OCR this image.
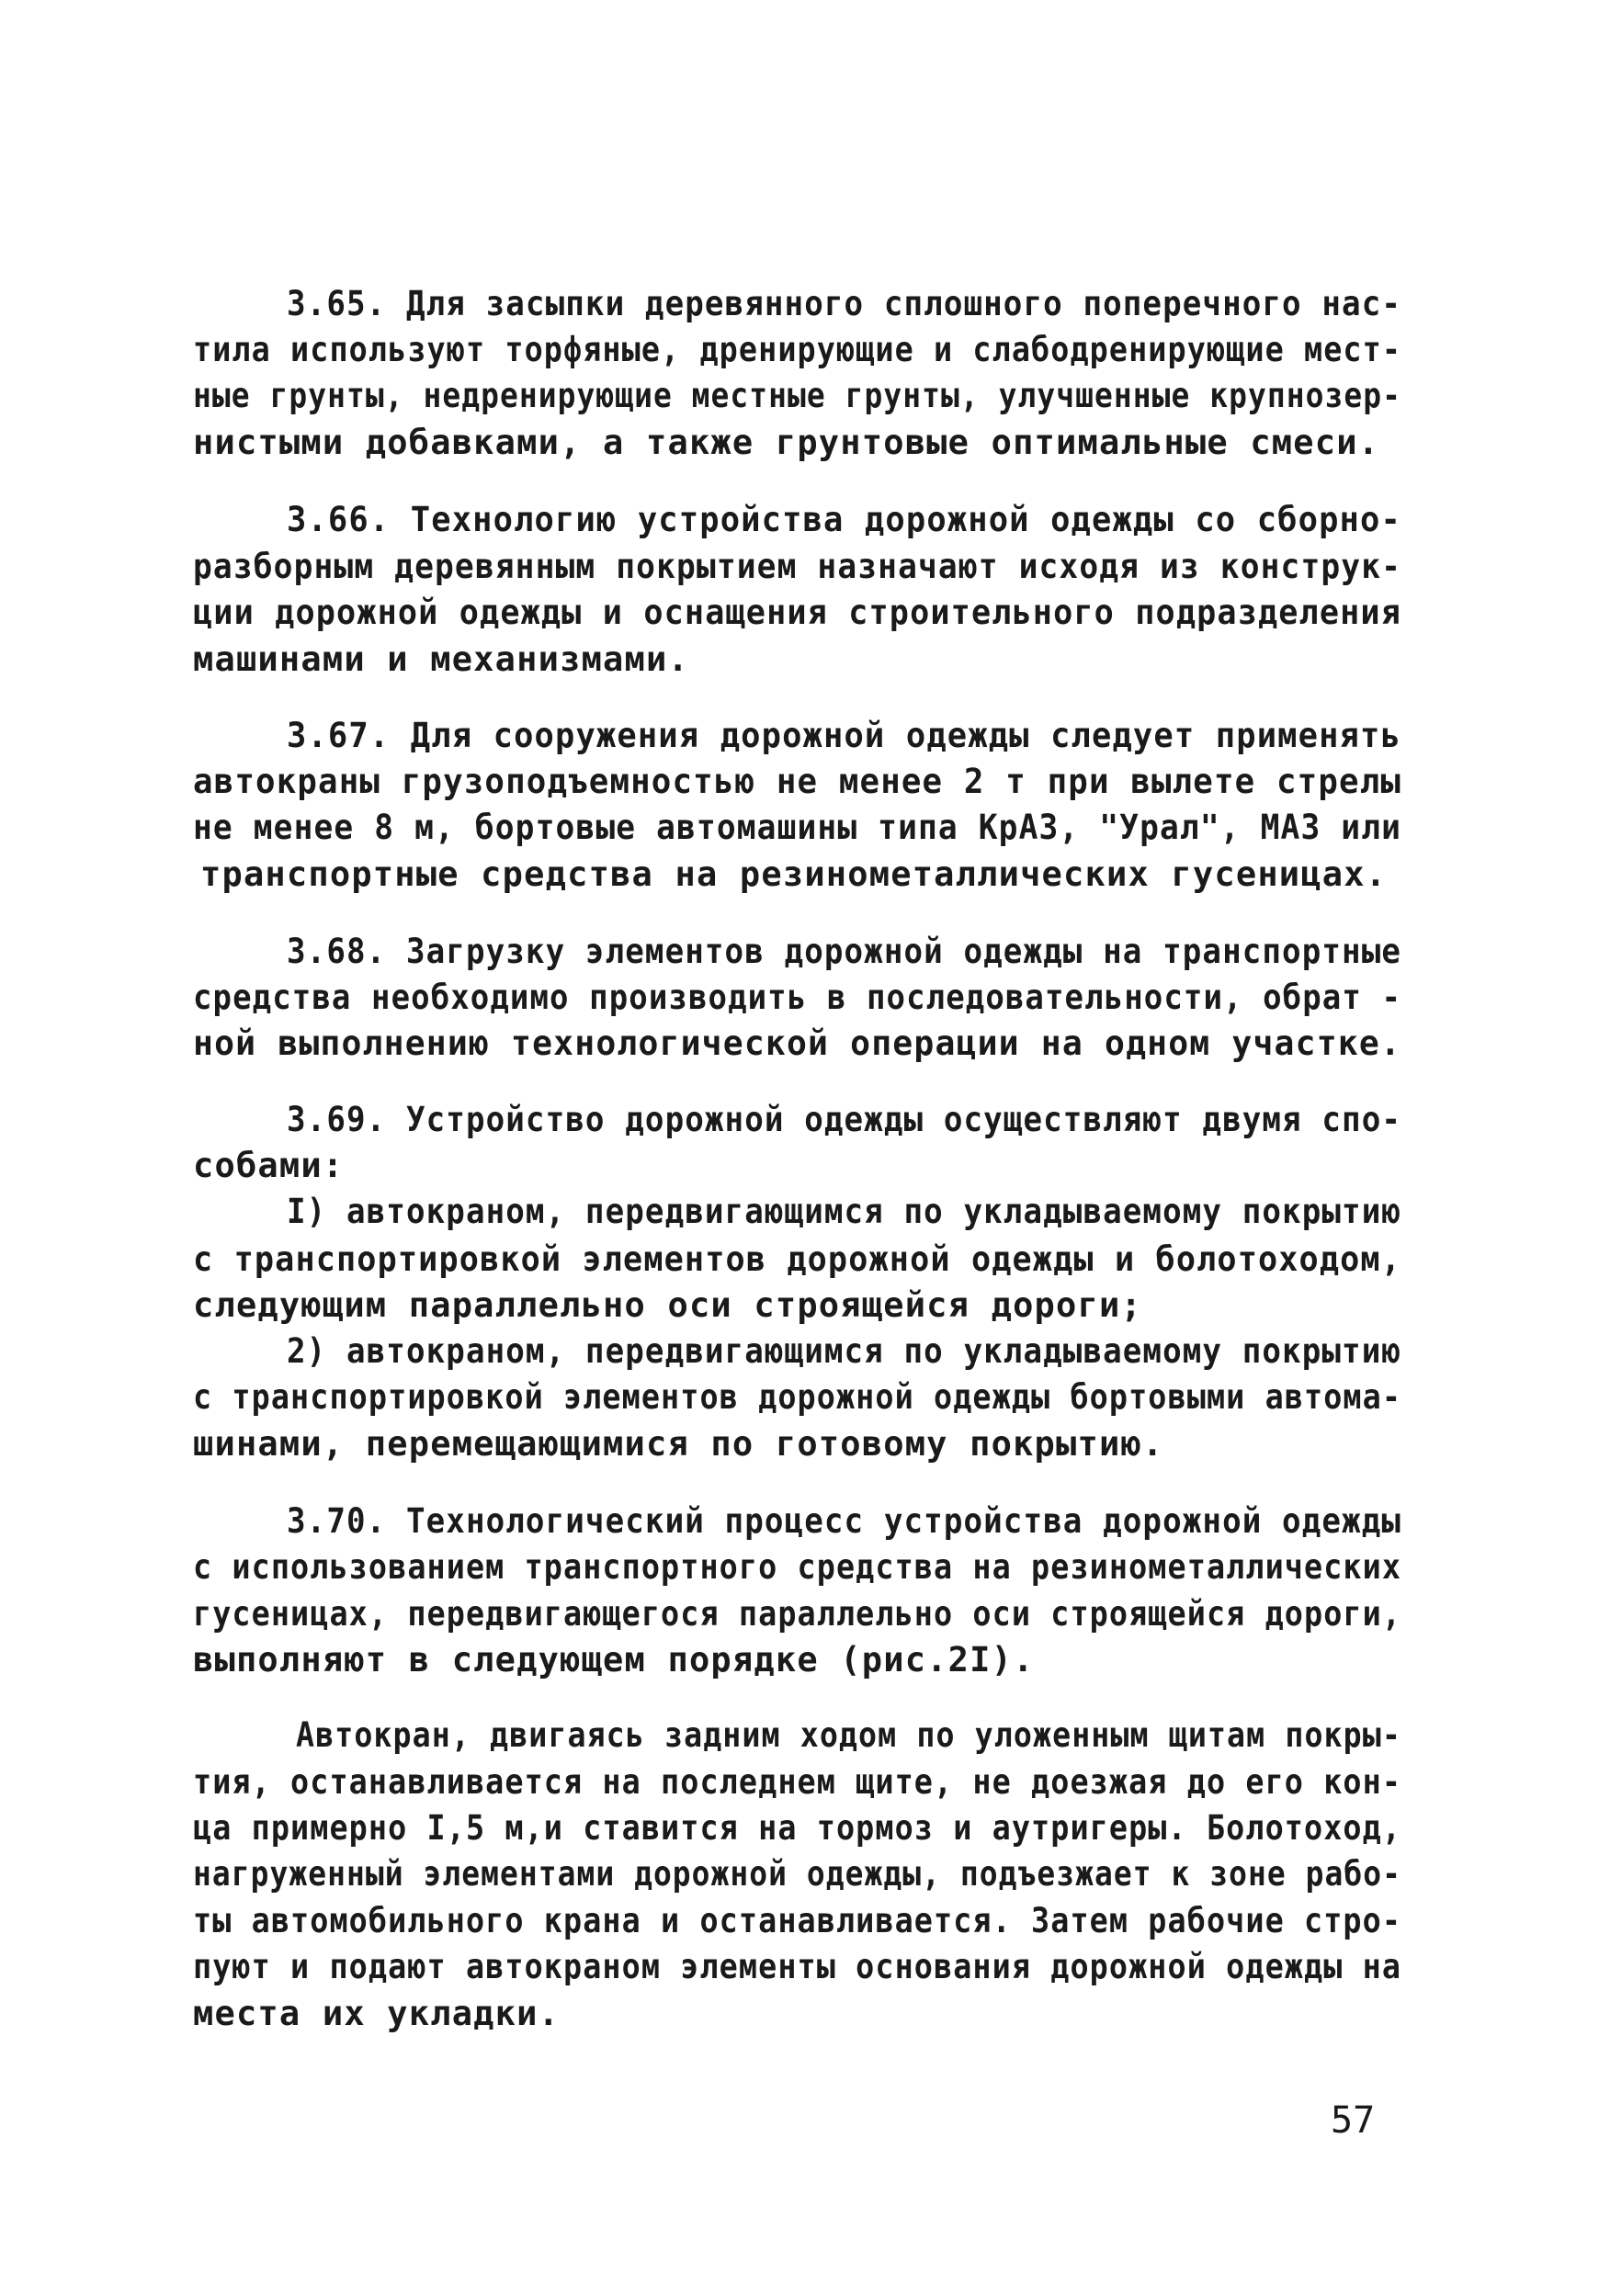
3.65. Для засыпки деревянного сплошного поперечного нас-
тила используют торфяные, дренирующие и слабодренирующие мест-
ные грунты, недренирующие местные грунты, улучшенные крупнозер-
нистыми добавками, а также грунтовые оптимальные смеси.
3.66. Технологию устройства дорожной одежды со сборно-
разборным деревянным покрытием назначают исходя из конструк-
ции дорожной одежды и оснащения строительного подразделения
машинами и механизмами.
3.67. Для сооружения дорожной одежды следует применять
автокраны грузоподъемностью не менее 2 т при вылете стрелы
не менее 8 м, бортовые автомашины типа КрАЗ, "Урал", МАЗ или
транспортные средства на резинометаллических гусеницах.
3.68. Загрузку элементов дорожной одежды на транспортные
средства необходимо производить в последовательности, обрат -
ной выполнению технологической операции на одном участке.
3.69. Устройство дорожной одежды осуществляют двумя спо-
собами:
I) автокраном, передвигающимся по укладываемому покрытию
с транспортировкой элементов дорожной одежды и болотоходом,
следующим параллельно оси строящейся дороги;
2) автокраном, передвигающимся по укладываемому покрытию
с транспортировкой элементов дорожной одежды бортовыми автома-
шинами, перемещающимися по готовому покрытию.
3.70. Технологический процесс устройства дорожной одежды
с использованием транспортного средства на резинометаллических
гусеницах, передвигающегося параллельно оси строящейся дороги,
выполняют в следующем порядке (рис.2I).
Автокран, двигаясь задним ходом по уложенным щитам покры-
тия, останавливается на последнем щите, не доезжая до его кон-
ца примерно I,5 м,и ставится на тормоз и аутригеры. Болотоход,
нагруженный элементами дорожной одежды, подъезжает к зоне рабо-
ты автомобильного крана и останавливается. Затем рабочие стро-
пуют и подают автокраном элементы основания дорожной одежды на
места их укладки.
57
